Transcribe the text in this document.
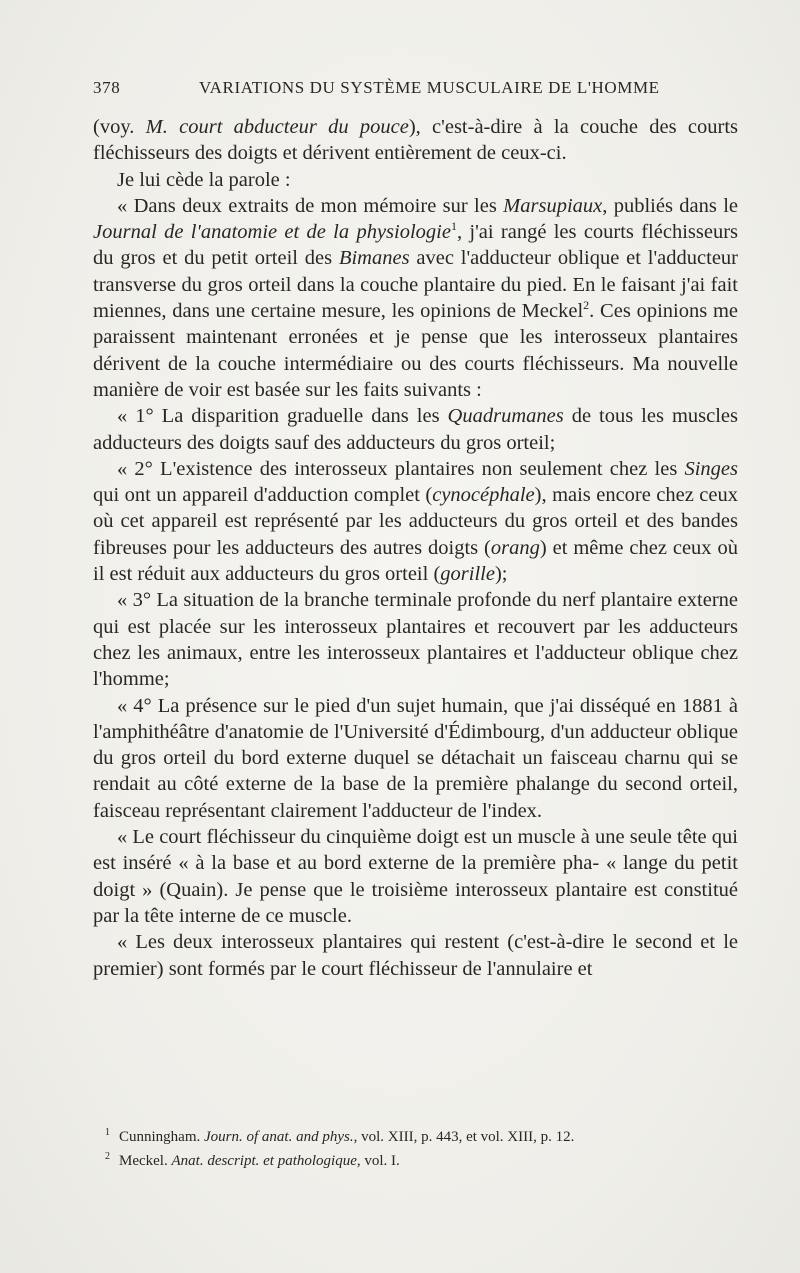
378	VARIATIONS DU SYSTÈME MUSCULAIRE DE L'HOMME

(voy. M. court abducteur du pouce), c'est-à-dire à la couche des courts fléchisseurs des doigts et dérivent entièrement de ceux-ci.

Je lui cède la parole :

« Dans deux extraits de mon mémoire sur les Marsupiaux, publiés dans le Journal de l'anatomie et de la physiologie$^1$, j'ai rangé les courts fléchisseurs du gros et du petit orteil des Bimanes avec l'adducteur oblique et l'adducteur transverse du gros orteil dans la couche plantaire du pied. En le faisant j'ai fait miennes, dans une certaine mesure, les opinions de Meckel$^2$. Ces opinions me paraissent maintenant erronées et je pense que les interosseux plantaires dérivent de la couche intermédiaire ou des courts fléchisseurs. Ma nouvelle manière de voir est basée sur les faits suivants :

« 1° La disparition graduelle dans les Quadrumanes de tous les muscles adducteurs des doigts sauf des adducteurs du gros orteil;

« 2° L'existence des interosseux plantaires non seulement chez les Singes qui ont un appareil d'adduction complet (cynocéphale), mais encore chez ceux où cet appareil est représenté par les adducteurs du gros orteil et des bandes fibreuses pour les adducteurs des autres doigts (orang) et même chez ceux où il est réduit aux adducteurs du gros orteil (gorille);

« 3° La situation de la branche terminale profonde du nerf plantaire externe qui est placée sur les interosseux plantaires et recouvert par les adducteurs chez les animaux, entre les interosseux plantaires et l'adducteur oblique chez l'homme;

« 4° La présence sur le pied d'un sujet humain, que j'ai disséqué en 1881 à l'amphithéâtre d'anatomie de l'Université d'Édimbourg, d'un adducteur oblique du gros orteil du bord externe duquel se détachait un faisceau charnu qui se rendait au côté externe de la base de la première phalange du second orteil, faisceau représentant clairement l'adducteur de l'index.

« Le court fléchisseur du cinquième doigt est un muscle à une seule tête qui est inséré « à la base et au bord externe de la première pha- « lange du petit doigt » (Quain). Je pense que le troisième interosseux plantaire est constitué par la tête interne de ce muscle.

« Les deux interosseux plantaires qui restent (c'est-à-dire le second et le premier) sont formés par le court fléchisseur de l'annulaire et

1 Cunningham. Journ. of anat. and phys., vol. XIII, p. 443, et vol. XIII, p. 12.
2 Meckel. Anat. descript. et pathologique, vol. I.
